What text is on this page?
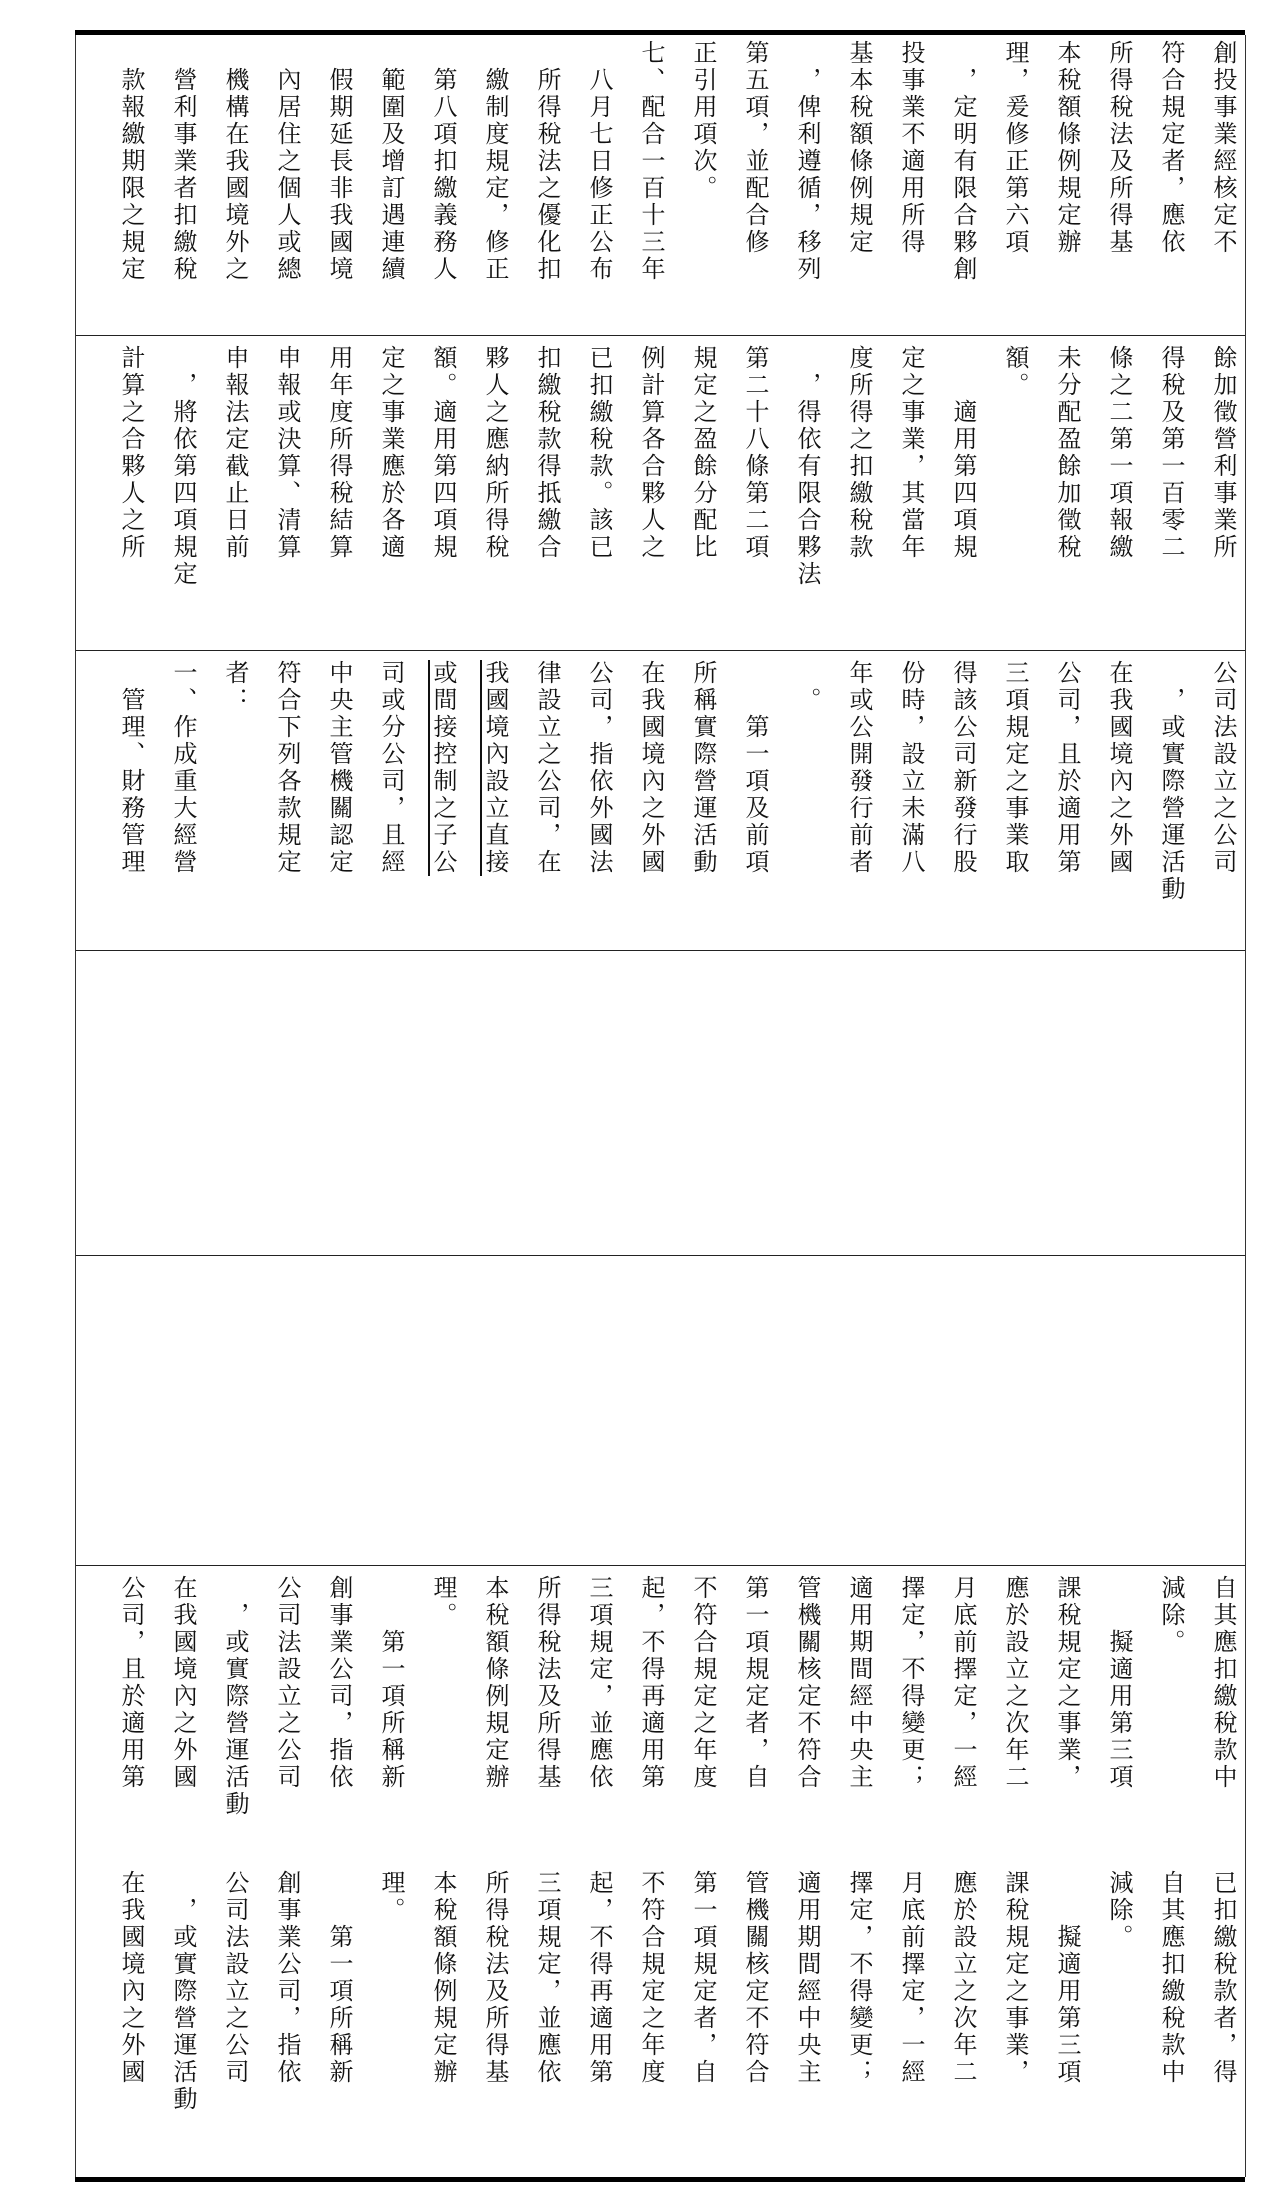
創投事業經核定不
符合規定者，應依
所得稅法及所得基
本稅額條例規定辦
理，爰修正第六項
　，定明有限合夥創
投事業不適用所得
基本稅額條例規定
　，俾利遵循，移列
第五項，並配合修
正引用項次。
七、配合一百十三年
　八月七日修正公布
　所得稅法之優化扣
　繳制度規定，修正
　第八項扣繳義務人
　範圍及增訂遇連續
　假期延長非我國境
　內居住之個人或總
　機構在我國境外之
　營利事業者扣繳稅
　款報繳期限之規定
餘加徵營利事業所
得稅及第一百零二
條之二第一項報繳
未分配盈餘加徵稅
額。
　　適用第四項規
定之事業，其當年
度所得之扣繳稅款
　，得依有限合夥法
第二十八條第二項
規定之盈餘分配比
例計算各合夥人之
已扣繳稅款。該已
扣繳稅款得抵繳合
夥人之應納所得稅
額。適用第四項規
定之事業應於各適
用年度所得稅結算
申報或決算、清算
申報法定截止日前
　，將依第四項規定
計算之合夥人之所
公司法設立之公司
　，或實際營運活動
在我國境內之外國
公司，且於適用第
三項規定之事業取
得該公司新發行股
份時，設立未滿八
年或公開發行前者
　。
　　第一項及前項
所稱實際營運活動
在我國境內之外國
公司，指依外國法
律設立之公司，在
我國境內設立直接
或間接控制之子公
司或分公司，且經
中央主管機關認定
符合下列各款規定
者：
一、作成重大經營
　管理、財務管理
自其應扣繳稅款中
減除。
　　擬適用第三項
課稅規定之事業，
應於設立之次年二
月底前擇定，一經
擇定，不得變更；
適用期間經中央主
管機關核定不符合
第一項規定者，自
不符合規定之年度
起，不得再適用第
三項規定，並應依
所得稅法及所得基
本稅額條例規定辦
理。
　　第一項所稱新
創事業公司，指依
公司法設立之公司
　，或實際營運活動
在我國境內之外國
公司，且於適用第
已扣繳稅款者，得
自其應扣繳稅款中
減除。
　　擬適用第三項
課稅規定之事業，
應於設立之次年二
月底前擇定，一經
擇定，不得變更；
適用期間經中央主
管機關核定不符合
第一項規定者，自
不符合規定之年度
起，不得再適用第
三項規定，並應依
所得稅法及所得基
本稅額條例規定辦
理。
　　第一項所稱新
創事業公司，指依
公司法設立之公司
　，或實際營運活動
在我國境內之外國
